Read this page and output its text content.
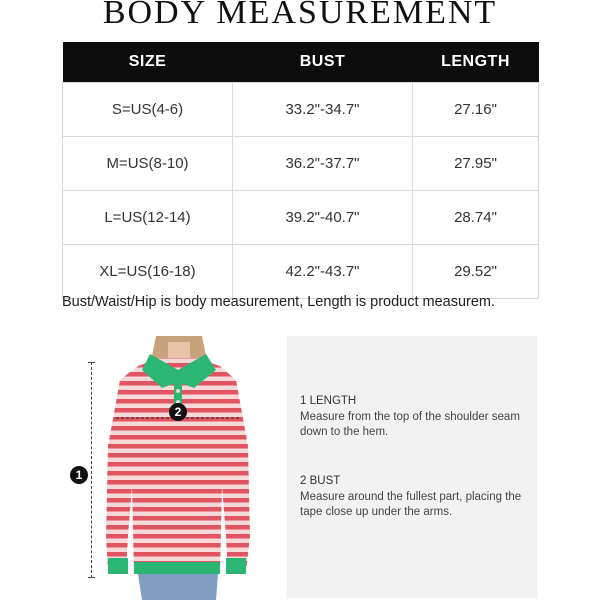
BODY MEASUREMENT
SIZE	BUST	LENGTH
S=US(4-6)	33.2"-34.7"	27.16"
M=US(8-10)	36.2"-37.7"	27.95"
L=US(12-14)	39.2"-40.7"	28.74"
XL=US(16-18)	42.2"-43.7"	29.52"
Bust/Waist/Hip is body measurement, Length is product measurem.
1
2
1 LENGTH
Measure from the top of the shoulder seam down to the hem.
2 BUST
Measure around the fullest part, placing the tape close up under the arms.
